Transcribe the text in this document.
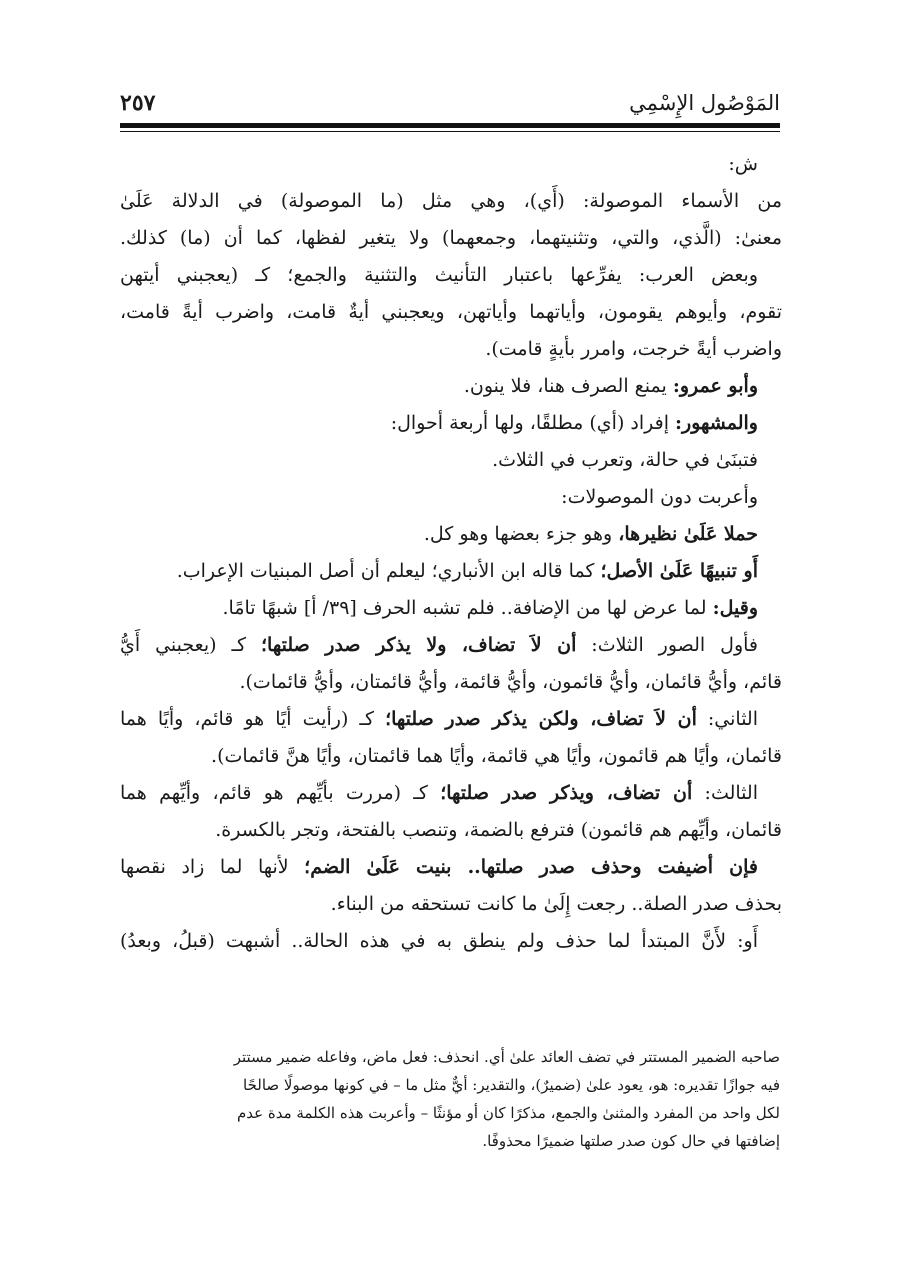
المَوْصُول الإِسْمِي
٢٥٧
ش:
من الأسماء الموصولة: (أَي)، وهي مثل (ما الموصولة) في الدلالة عَلَىٰ
معنىٰ: (الَّذي، والتي، وتثنيتهما، وجمعهما) ولا يتغير لفظها، كما أن (ما) كذلك.
وبعض العرب: يفرِّعها باعتبار التأنيث والتثنية والجمع؛ كـ (يعجبني أيتهن
تقوم، وأيوهم يقومون، وأياتهما وأياتهن، ويعجبني أيةٌ قامت، واضرب أيةً قامت،
واضرب أيةً خرجت، وامرر بأيةٍ قامت).
وأبو عمرو: يمنع الصرف هنا، فلا ينون.
والمشهور: إفراد (أي) مطلقًا، ولها أربعة أحوال:
فتبنَىٰ في حالة، وتعرب في الثلاث.
وأعربت دون الموصولات:
حملا عَلَىٰ نظيرها، وهو جزء بعضها وهو كل.
أَو تنبيهًا عَلَىٰ الأصل؛ كما قاله ابن الأنباري؛ ليعلم أن أصل المبنيات الإعراب.
وقيل: لما عرض لها من الإضافة.. فلم تشبه الحرف [٣٩/ أ] شبهًا تامًا.
فأول الصور الثلاث: أن لاَ تضاف، ولا يذكر صدر صلتها؛ كـ (يعجبني أَيُّ
قائم، وأيُّ قائمان، وأيُّ قائمون، وأيُّ قائمة، وأيُّ قائمتان، وأيُّ قائمات).
الثاني: أن لاَ تضاف، ولكن يذكر صدر صلتها؛ كـ (رأيت أيًا هو قائم، وأيًا هما
قائمان، وأيًا هم قائمون، وأيًا هي قائمة، وأيًا هما قائمتان، وأيًا هنَّ قائمات).
الثالث: أن تضاف، ويذكر صدر صلتها؛ كـ (مررت بأيِّهم هو قائم، وأيِّهم هما
قائمان، وأيِّهم هم قائمون) فترفع بالضمة، وتنصب بالفتحة، وتجر بالكسرة.
فإن أضيفت وحذف صدر صلتها.. بنيت عَلَىٰ الضم؛ لأنها لما زاد نقصها
بحذف صدر الصلة.. رجعت إِلَىٰ ما كانت تستحقه من البناء.
أَو: لأَنَّ المبتدأ لما حذف ولم ينطق به في هذه الحالة.. أشبهت (قبلُ، وبعدُ)
صاحبه الضمير المستتر في تضف العائد علىٰ أي. انحذف: فعل ماض، وفاعله ضمير مستتر
فيه جوازًا تقديره: هو، يعود علىٰ (ضميرٌ)، والتقدير: أيٌّ مثل ما – في كونها موصولًا صالحًا
لكل واحد من المفرد والمثنىٰ والجمع، مذكرًا كان أو مؤنثًا – وأعربت هذه الكلمة مدة عدم
إضافتها في حال كون صدر صلتها ضميرًا محذوفًا.
